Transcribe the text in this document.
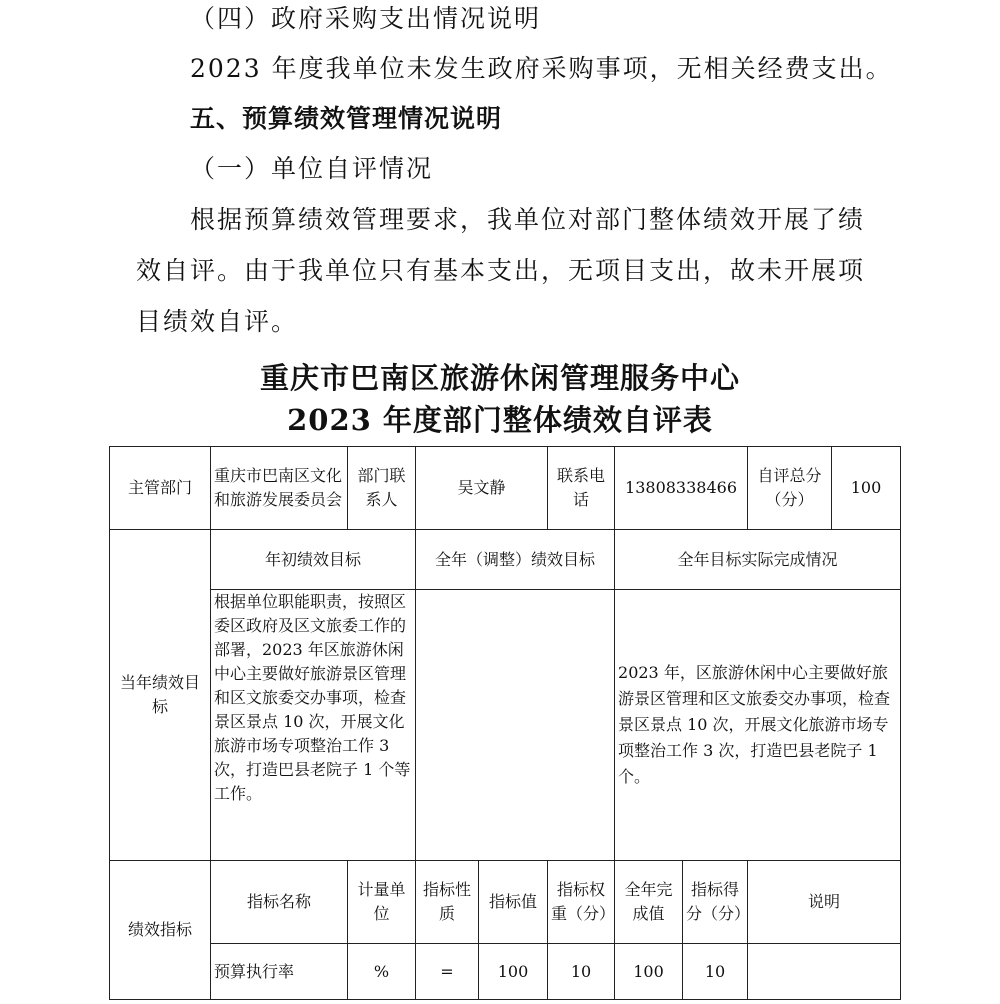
（四）政府采购支出情况说明
2023 年度我单位未发生政府采购事项，无相关经费支出。
五、预算绩效管理情况说明
（一）单位自评情况
根据预算绩效管理要求，我单位对部门整体绩效开展了绩
效自评。由于我单位只有基本支出，无项目支出，故未开展项
目绩效自评。
重庆市巴南区旅游休闲管理服务中心
2023 年度部门整体绩效自评表
主管部门	重庆市巴南区文化和旅游发展委员会	部门联系人	吴文静		联系电话	13808338466		自评总分（分）	100
当年绩效目标	年初绩效目标		全年（调整）绩效目标			全年目标实际完成情况			
	根据单位职能职责，按照区委区政府及区文旅委工作的部署，2023 年区旅游休闲中心主要做好旅游景区管理和区文旅委交办事项，检查景区景点 10 次，开展文化旅游市场专项整治工作 3 次，打造巴县老院子 1 个等工作。					2023 年，区旅游休闲中心主要做好旅游景区管理和区文旅委交办事项，检查景区景点 10 次，开展文化旅游市场专项整治工作 3 次，打造巴县老院子 1 个。			
绩效指标	指标名称	计量单位	指标性质	指标值	指标权重（分）	全年完成值	指标得分（分）	说明	
	预算执行率	%	=	100	10	100	10		
